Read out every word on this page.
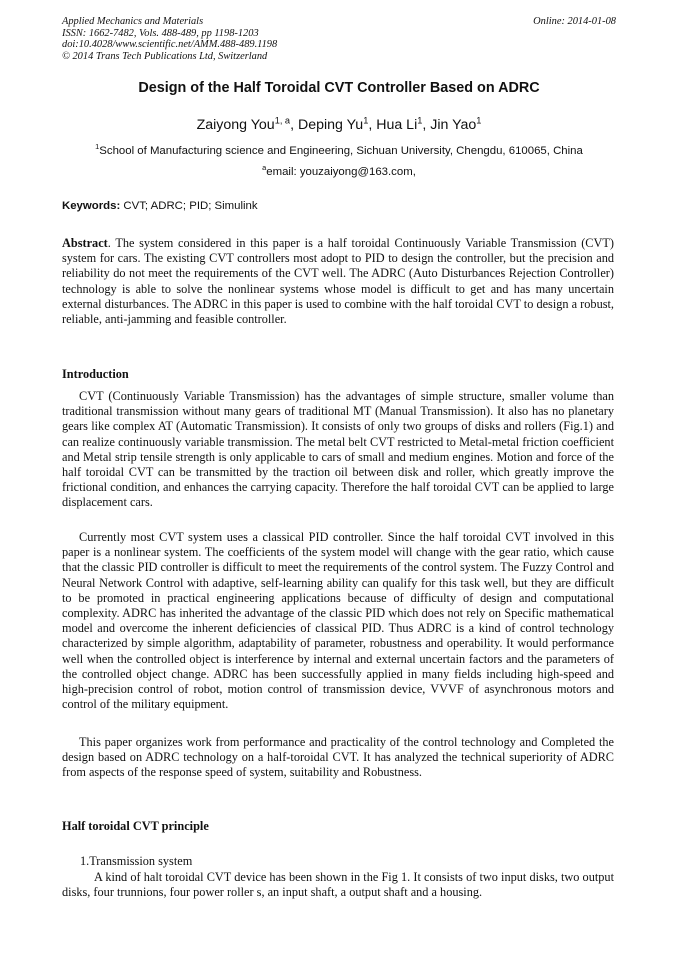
Applied Mechanics and Materials
ISSN: 1662-7482, Vols. 488-489, pp 1198-1203
doi:10.4028/www.scientific.net/AMM.488-489.1198
© 2014 Trans Tech Publications Ltd, Switzerland
Online: 2014-01-08
Design of the Half Toroidal CVT Controller Based on ADRC
Zaiyong You$^{1, a}$, Deping Yu$^1$, Hua Li$^1$, Jin Yao$^1$
$^1$School of Manufacturing science and Engineering, Sichuan University, Chengdu, 610065, China
$^a$email: youzaiyong@163.com,
Keywords: CVT; ADRC; PID; Simulink
Abstract. The system considered in this paper is a half toroidal Continuously Variable Transmission (CVT) system for cars. The existing CVT controllers most adopt to PID to design the controller, but the precision and reliability do not meet the requirements of the CVT well. The ADRC (Auto Disturbances Rejection Controller) technology is able to solve the nonlinear systems whose model is difficult to get and has many uncertain external disturbances. The ADRC in this paper is used to combine with the half toroidal CVT to design a robust, reliable, anti-jamming and feasible controller.
Introduction
CVT (Continuously Variable Transmission) has the advantages of simple structure, smaller volume than traditional transmission without many gears of traditional MT (Manual Transmission). It also has no planetary gears like complex AT (Automatic Transmission). It consists of only two groups of disks and rollers (Fig.1) and can realize continuously variable transmission. The metal belt CVT restricted to Metal-metal friction coefficient and Metal strip tensile strength is only applicable to cars of small and medium engines. Motion and force of the half toroidal CVT can be transmitted by the traction oil between disk and roller, which greatly improve the frictional condition, and enhances the carrying capacity. Therefore the half toroidal CVT can be applied to large displacement cars.
Currently most CVT system uses a classical PID controller. Since the half toroidal CVT involved in this paper is a nonlinear system. The coefficients of the system model will change with the gear ratio, which cause that the classic PID controller is difficult to meet the requirements of the control system. The Fuzzy Control and Neural Network Control with adaptive, self-learning ability can qualify for this task well, but they are difficult to be promoted in practical engineering applications because of difficulty of design and computational complexity. ADRC has inherited the advantage of the classic PID which does not rely on Specific mathematical model and overcome the inherent deficiencies of classical PID. Thus ADRC is a kind of control technology characterized by simple algorithm, adaptability of parameter, robustness and operability. It would performance well when the controlled object is interference by internal and external uncertain factors and the parameters of the controlled object change. ADRC has been successfully applied in many fields including high-speed and high-precision control of robot, motion control of transmission device, VVVF of asynchronous motors and control of the military equipment.
This paper organizes work from performance and practicality of the control technology and Completed the design based on ADRC technology on a half-toroidal CVT. It has analyzed the technical superiority of ADRC from aspects of the response speed of system, suitability and Robustness.
Half toroidal CVT principle
1.Transmission system
A kind of halt toroidal CVT device has been shown in the Fig 1. It consists of two input disks, two output disks, four trunnions, four power roller s, an input shaft, a output shaft and a housing.
